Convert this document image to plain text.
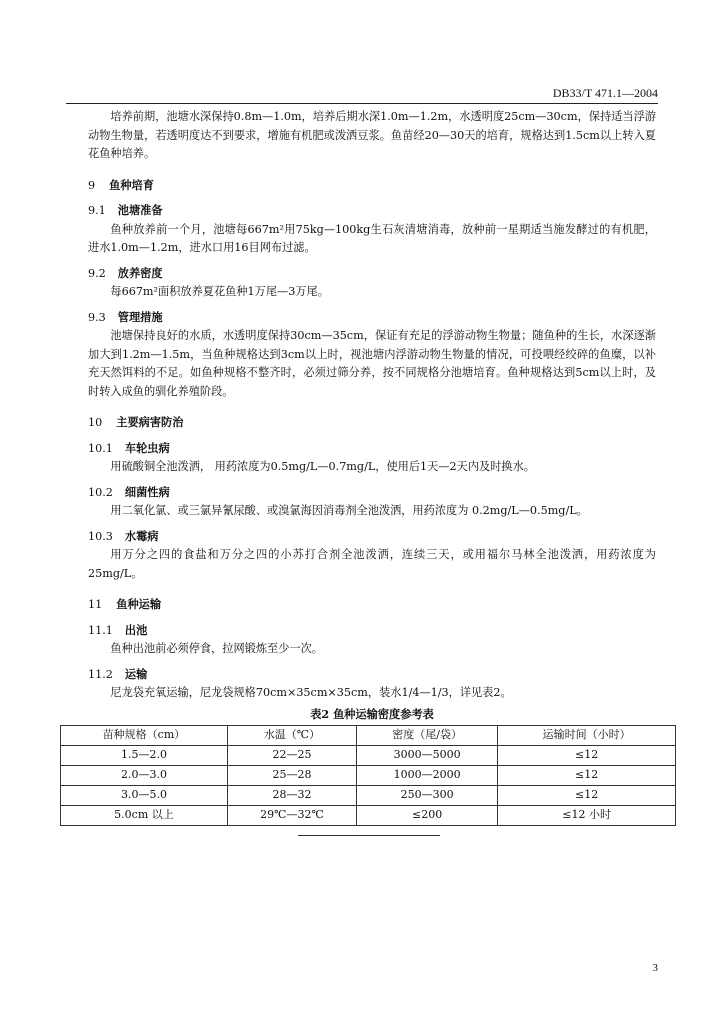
DB33/T 471.1—2004

培养前期，池塘水深保持0.8m—1.0m，培养后期水深1.0m—1.2m，水透明度25cm—30cm，保持适当浮游动物生物量，若透明度达不到要求，增施有机肥或泼洒豆浆。鱼苗经20—30天的培育，规格达到1.5cm以上转入夏花鱼种培养。

9 鱼种培育
9.1 池塘准备

鱼种放养前一个月，池塘每667m²用75kg—100kg生石灰清塘消毒，放种前一星期适当施发酵过的有机肥，进水1.0m—1.2m，进水口用16目网布过滤。

9.2 放养密度

每667m²面积放养夏花鱼种1万尾—3万尾。

9.3 管理措施

池塘保持良好的水质，水透明度保持30cm—35cm，保证有充足的浮游动物生物量；随鱼种的生长，水深逐渐加大到1.2m—1.5m，当鱼种规格达到3cm以上时，视池塘内浮游动物生物量的情况，可投喂经绞碎的鱼糜，以补充天然饵料的不足。如鱼种规格不整齐时，必须过筛分养，按不同规格分池塘培育。鱼种规格达到5cm以上时，及时转入成鱼的驯化养殖阶段。

10 主要病害防治
10.1 车轮虫病

用硫酸铜全池泼洒， 用药浓度为0.5mg/L—0.7mg/L，使用后1天—2天内及时换水。

10.2 细菌性病

用二氧化氯、或三氯异氰尿酸、或溴氯海因消毒剂全池泼洒，用药浓度为 0.2mg/L—0.5mg/L。

10.3 水霉病

用万分之四的食盐和万分之四的小苏打合剂全池泼洒，连续三天，或用福尔马林全池泼洒，用药浓度为25mg/L。

11 鱼种运输
11.1 出池

鱼种出池前必须停食，拉网锻炼至少一次。

11.2 运输

尼龙袋充氧运输，尼龙袋规格70cm×35cm×35cm，装水1/4—1/3，详见表2。

表2 鱼种运输密度参考表
苗种规格（cm）	水温（℃）	密度（尾/袋）	运输时间（小时）
1.5—2.0	22—25	3000—5000	≤12
2.0—3.0	25—28	1000—2000	≤12
3.0—5.0	28—32	250—300	≤12
5.0cm 以上	29℃—32℃	≤200	≤12 小时
3
